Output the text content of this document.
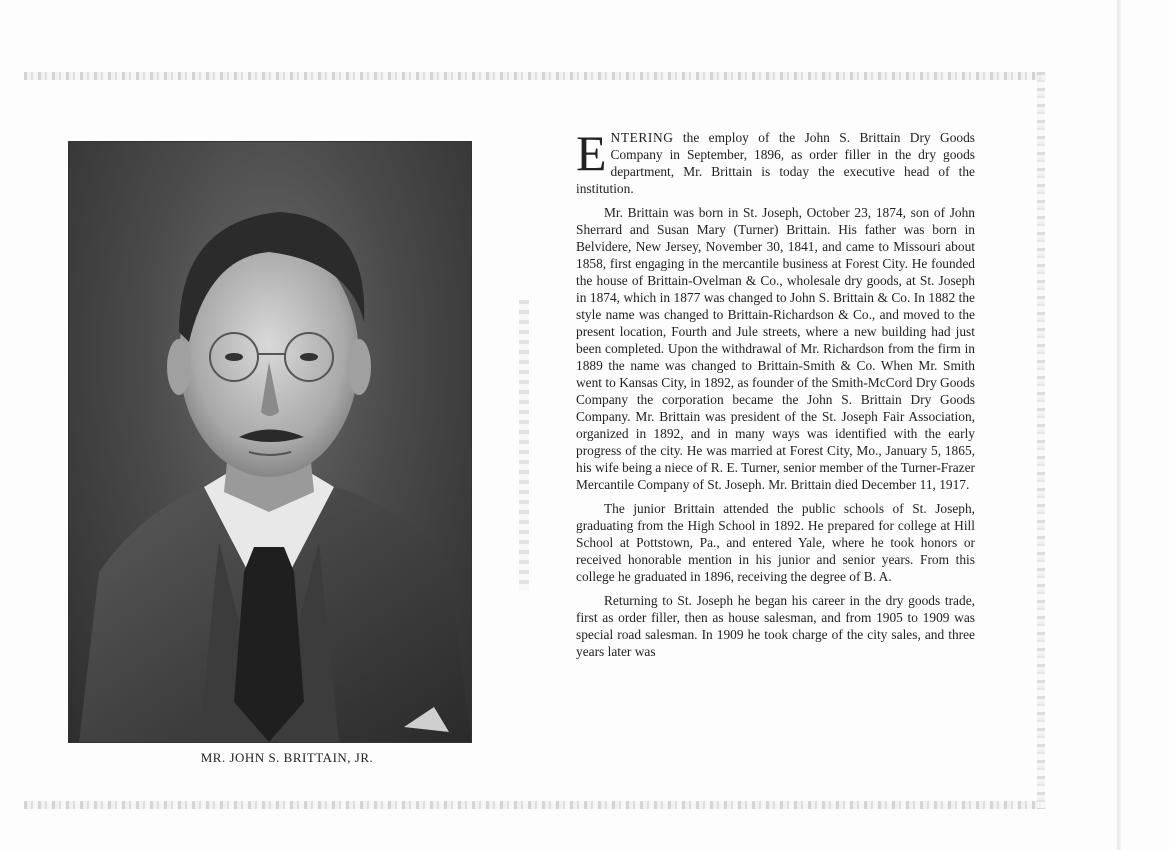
MR. JOHN S. BRITTAIN, JR.

ENTERING the employ of the John S. Brittain Dry Goods Company in September, 1896, as order filler in the dry goods department, Mr. Brittain is today the executive head of the institution.

Mr. Brittain was born in St. Joseph, October 23, 1874, son of John Sherrard and Susan Mary (Turner) Brittain. His father was born in Belvidere, New Jersey, November 30, 1841, and came to Missouri about 1858, first engaging in the mercantile business at Forest City. He founded the house of Brittain-Ovelman & Co., wholesale dry goods, at St. Joseph in 1874, which in 1877 was changed to John S. Brittain & Co. In 1882 the style name was changed to Brittain-Richardson & Co., and moved to the present location, Fourth and Jule streets, where a new building had just been completed. Upon the withdrawal of Mr. Richardson from the firm in 1889 the name was changed to Brittain-Smith & Co. When Mr. Smith went to Kansas City, in 1892, as founder of the Smith-McCord Dry Goods Company the corporation became the John S. Brittain Dry Goods Company. Mr. Brittain was president of the St. Joseph Fair Association, organized in 1892, and in many ways was identified with the early progress of the city. He was married at Forest City, Mo., January 5, 1865, his wife being a niece of R. E. Turner, senior member of the Turner-Frazer Mercantile Company of St. Joseph. Mr. Brittain died December 11, 1917.

The junior Brittain attended the public schools of St. Joseph, graduating from the High School in 1892. He prepared for college at Hill School at Pottstown, Pa., and entered Yale, where he took honors or received honorable mention in his junior and senior years. From this college he graduated in 1896, receiving the degree of B. A.

Returning to St. Joseph he began his career in the dry goods trade, first as order filler, then as house salesman, and from 1905 to 1909 was special road salesman. In 1909 he took charge of the city sales, and three years later was
